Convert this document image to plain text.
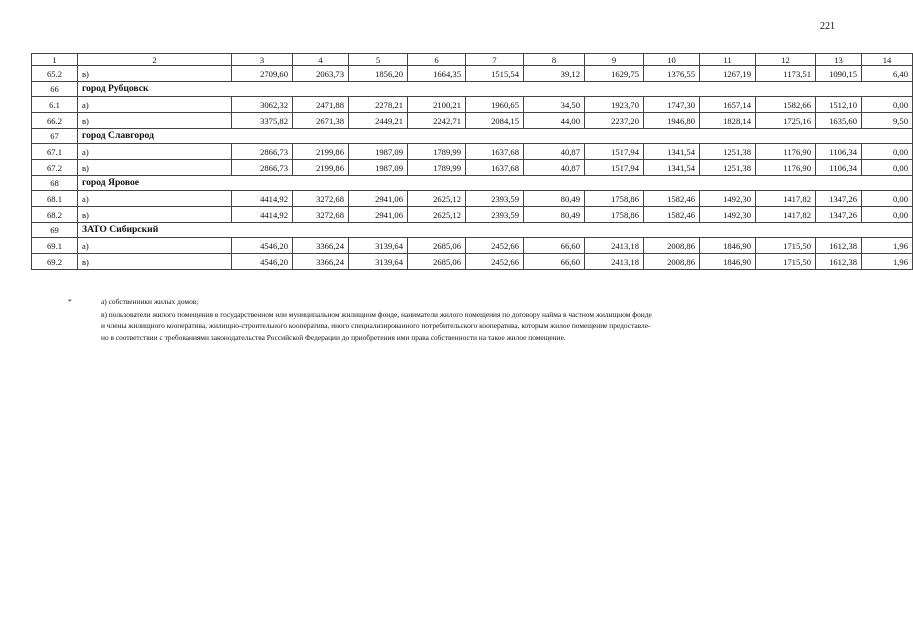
221
1	2	3	4	5	6	7	8	9	10	11	12	13	14
65.2	в)	2709,60	2063,73	1856,20	1664,35	1515,54	39,12	1629,75	1376,55	1267,19	1173,51	1090,15	6,40
66	город Рубцовск												
6.1	а)	3062,32	2471,88	2278,21	2100,21	1960,65	34,50	1923,70	1747,30	1657,14	1582,66	1512,10	0,00
66.2	в)	3375,82	2671,38	2449,21	2242,71	2084,15	44,00	2237,20	1946,80	1828,14	1725,16	1635,60	9,50
67	город Славгород												
67.1	а)	2866,73	2199,86	1987,09	1789,99	1637,68	40,87	1517,94	1341,54	1251,38	1176,90	1106,34	0,00
67.2	в)	2866,73	2199,86	1987,09	1789,99	1637,68	40,87	1517,94	1341,54	1251,38	1176,90	1106,34	0,00
68	город Яровое												
68.1	а)	4414,92	3272,68	2941,06	2625,12	2393,59	80,49	1758,86	1582,46	1492,30	1417,82	1347,26	0,00
68.2	в)	4414,92	3272,68	2941,06	2625,12	2393,59	80,49	1758,86	1582,46	1492,30	1417,82	1347,26	0,00
69	ЗАТО Сибирский												
69.1	а)	4546,20	3366,24	3139,64	2685,06	2452,66	66,60	2413,18	2008,86	1846,90	1715,50	1612,38	1,96
69.2	в)	4546,20	3366,24	3139,64	2685,06	2452,66	66,60	2413,18	2008,86	1846,90	1715,50	1612,38	1,96
*	а) собственники жилых домов;
в) пользователи жилого помещения в государственном или муниципальном жилищном фонде, наниматели жилого помещения по договору найма в частном жилищном фонде
и члены жилищного кооператива, жилищно-строительного кооператива, иного специализированного потребительского кооператива, которым жилое помещение предоставле-
но в соответствии с требованиями законодательства Российской Федерации до приобретения ими права собственности на такое жилое помещение.
